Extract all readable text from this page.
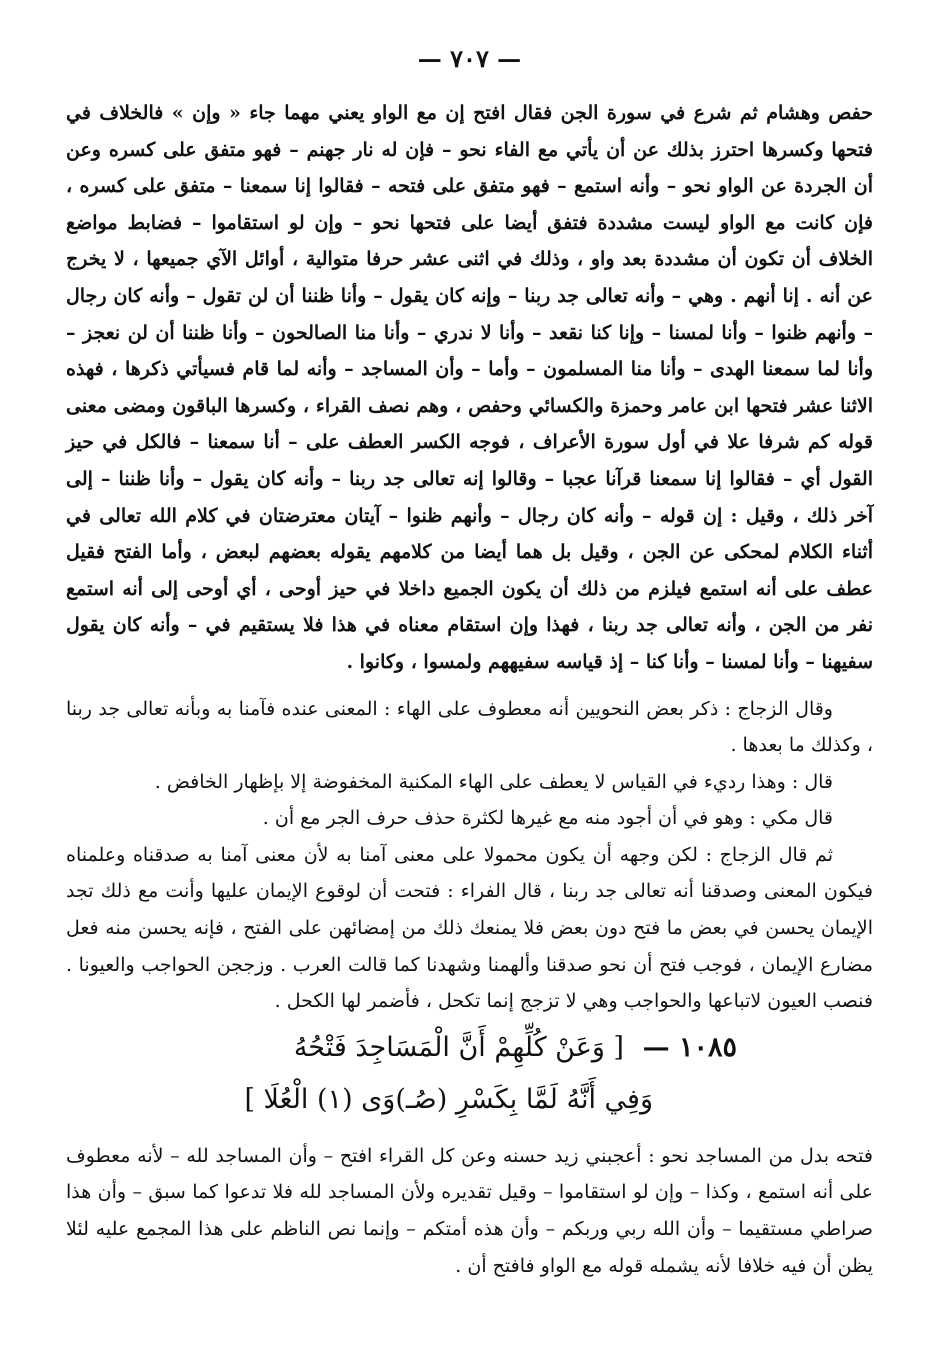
— ٧٠٧ —

حفص وهشام ثم شرع في سورة الجن فقال افتح إن مع الواو يعني مهما جاء « وإن » فالخلاف في فتحها وكسرها احترز بذلك عن أن يأتي مع الفاء نحو – فإن له نار جهنم – فهو متفق على كسره وعن أن الجردة عن الواو نحو – وأنه استمع – فهو متفق على فتحه – فقالوا إنا سمعنا – متفق على كسره ، فإن كانت مع الواو ليست مشددة فتفق أيضا على فتحها نحو – وإن لو استقاموا – فضابط مواضع الخلاف أن تكون أن مشددة بعد واو ، وذلك في اثنى عشر حرفا متوالية ، أوائل الآي جميعها ، لا يخرج عن أنه . إنا أنهم . وهي – وأنه تعالى جد ربنا – وإنه كان يقول – وأنا ظننا أن لن تقول – وأنه كان رجال – وأنهم ظنوا – وأنا لمسنا – وإنا كنا نقعد – وأنا لا ندري – وأنا منا الصالحون – وأنا ظننا أن لن نعجز – وأنا لما سمعنا الهدى – وأنا منا المسلمون – وأما – وأن المساجد – وأنه لما قام فسيأتي ذكرها ، فهذه الاثنا عشر فتحها ابن عامر وحمزة والكسائي وحفص ، وهم نصف القراء ، وكسرها الباقون ومضى معنى قوله كم شرفا علا في أول سورة الأعراف ، فوجه الكسر العطف على – أنا سمعنا – فالكل في حيز القول أي – فقالوا إنا سمعنا قرآنا عجبا – وقالوا إنه تعالى جد ربنا – وأنه كان يقول – وأنا ظننا – إلى آخر ذلك ، وقيل : إن قوله – وأنه كان رجال – وأنهم ظنوا – آيتان معترضتان في كلام الله تعالى في أثناء الكلام لمحكى عن الجن ، وقيل بل هما أيضا من كلامهم يقوله بعضهم لبعض ، وأما الفتح فقيل عطف على أنه استمع فيلزم من ذلك أن يكون الجميع داخلا في حيز أوحى ، أي أوحى إلى أنه استمع نفر من الجن ، وأنه تعالى جد ربنا ، فهذا وإن استقام معناه في هذا فلا يستقيم في – وأنه كان يقول سفيهنا – وأنا لمسنا – وأنا كنا – إذ قياسه سفيههم ولمسوا ، وكانوا .

وقال الزجاج : ذكر بعض النحويين أنه معطوف على الهاء : المعنى عنده فآمنا به وبأنه تعالى جد ربنا ، وكذلك ما بعدها .

قال : وهذا رديء في القياس لا يعطف على الهاء المكنية المخفوضة إلا بإظهار الخافض .

قال مكي : وهو في أن أجود منه مع غيرها لكثرة حذف حرف الجر مع أن .

ثم قال الزجاج : لكن وجهه أن يكون محمولا على معنى آمنا به لأن معنى آمنا به صدقناه وعلمناه فيكون المعنى وصدقنا أنه تعالى جد ربنا ، قال الفراء : فتحت أن لوقوع الإيمان عليها وأنت مع ذلك تجد الإيمان يحسن في بعض ما فتح دون بعض فلا يمنعك ذلك من إمضائهن على الفتح ، فإنه يحسن منه فعل مضارع الإيمان ، فوجب فتح أن نحو صدقنا وألهمنا وشهدنا كما قالت العرب . وزججن الحواجب والعيونا . فنصب العيون لاتباعها والحواجب وهي لا تزجج إنما تكحل ، فأضمر لها الكحل .

١٠٨٥ — [ وَعَنْ كُلِّهِمْ أَنَّ الْمَسَاجِدَ فَتْحُهُ
وَفِي أَنَّهُ لَمَّا بِكَسْرِ (صُـ)وَى (١) الْعُلَا ]

فتحه بدل من المساجد نحو : أعجبني زيد حسنه وعن كل القراء افتح – وأن المساجد لله – لأنه معطوف على أنه استمع ، وكذا – وإن لو استقاموا – وقيل تقديره ولأن المساجد لله فلا تدعوا كما سبق – وأن هذا صراطي مستقيما – وأن الله ربي وربكم – وأن هذه أمتكم – وإنما نص الناظم على هذا المجمع عليه لئلا يظن أن فيه خلافا لأنه يشمله قوله مع الواو فافتح أن .
